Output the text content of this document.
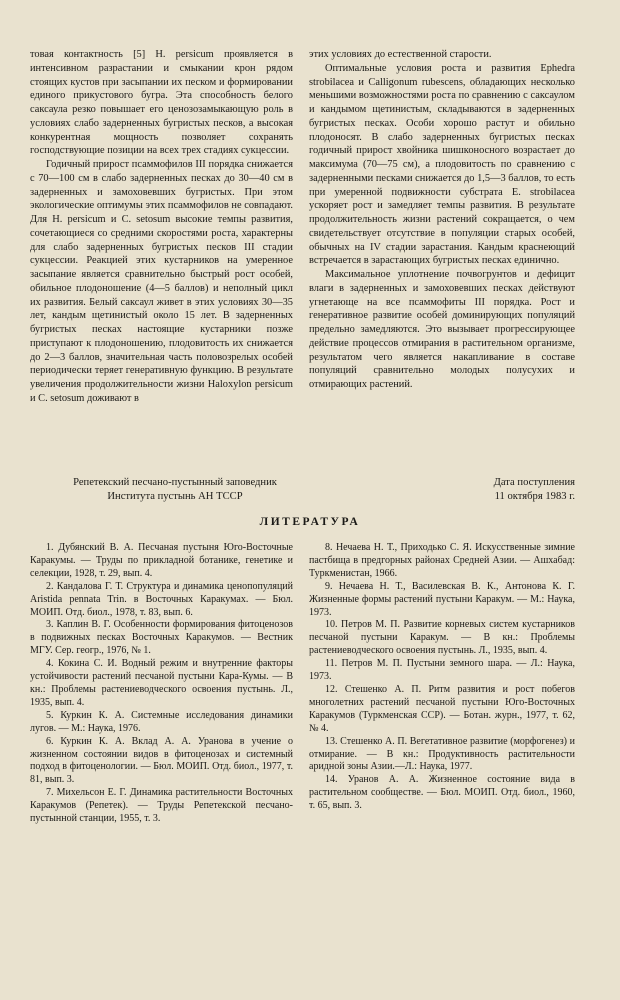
товая контактность [5] H. persicum проявляется в интенсивном разрастании и смыкании крон рядом стоящих кустов при засыпании их песком и формировании единого прикустового бугра. Эта способность белого саксаула резко повышает его ценозозамыкающую роль в условиях слабо задерненных бугристых песков, а высокая конкурентная мощность позволяет сохранять господствующие позиции на всех трех стадиях сукцессии.

Годичный прирост псаммофилов III порядка снижается с 70—100 см в слабо задерненных песках до 30—40 см в задерненных и замоховевших бугристых. При этом экологические оптимумы этих псаммофилов не совпадают. Для H. persicum и C. setosum высокие темпы развития, сочетающиеся со средними скоростями роста, характерны для слабо задерненных бугристых песков III стадии сукцессии. Реакцией этих кустарников на умеренное засыпание является сравнительно быстрый рост особей, обильное плодоношение (4—5 баллов) и неполный цикл их развития. Белый саксаул живет в этих условиях 30—35 лет, кандым щетинистый около 15 лет. В задерненных бугристых песках настоящие кустарники позже приступают к плодоношению, плодовитость их снижается до 2—3 баллов, значительная часть половозрелых особей периодически теряет генеративную функцию. В результате увеличения продолжительности жизни Haloxylon persicum и C. setosum доживают в

этих условиях до естественной старости.

Оптимальные условия роста и развития Ephedra strobilacea и Calligonum rubescens, обладающих несколько меньшими возможностями роста по сравнению с саксаулом и кандымом щетинистым, складываются в задерненных бугристых песках. Особи хорошо растут и обильно плодоносят. В слабо задерненных бугристых песках годичный прирост хвойника шишконосного возрастает до максимума (70—75 см), а плодовитость по сравнению с задерненными песками снижается до 1,5—3 баллов, то есть при умеренной подвижности субстрата E. strobilacea ускоряет рост и замедляет темпы развития. В результате продолжительность жизни растений сокращается, о чем свидетельствует отсутствие в популяции старых особей, обычных на IV стадии зарастания. Кандым краснеющий встречается в зарастающих бугристых песках единично.

Максимальное уплотнение почвогрунтов и дефицит влаги в задерненных и замоховевших песках действуют угнетающе на все псаммофиты III порядка. Рост и генеративное развитие особей доминирующих популяций предельно замедляются. Это вызывает прогрессирующее действие процессов отмирания в растительном организме, результатом чего является накапливание в составе популяций сравнительно молодых полусухих и отмирающих растений.

Репетекский песчано-пустынный заповедник
Института пустынь АН ТССР
Дата поступления
11 октября 1983 г.
ЛИТЕРАТУРА

1. Дубянский В. А. Песчаная пустыня Юго-Восточные Каракумы. — Труды по прикладной ботанике, генетике и селекции, 1928, т. 29, вып. 4.

2. Кандалова Г. Т. Структура и динамика ценопопуляций Aristida pennata Trin. в Восточных Каракумах. — Бюл. МОИП. Отд. биол., 1978, т. 83, вып. 6.

3. Каплин В. Г. Особенности формирования фитоценозов в подвижных песках Восточных Каракумов. — Вестник МГУ. Сер. геогр., 1976, № 1.

4. Кокина С. И. Водный режим и внутренние факторы устойчивости растений песчаной пустыни Кара-Кумы. — В кн.: Проблемы растениеводческого освоения пустынь. Л., 1935, вып. 4.

5. Куркин К. А. Системные исследования динамики лугов. — М.: Наука, 1976.

6. Куркин К. А. Вклад А. А. Уранова в учение о жизненном состоянии видов в фитоценозах и системный подход в фитоценологии. — Бюл. МОИП. Отд. биол., 1977, т. 81, вып. 3.

7. Михельсон Е. Г. Динамика растительности Восточных Каракумов (Репетек). — Труды Репетекской песчано-пустынной станции, 1955, т. 3.

8. Нечаева Н. Т., Приходько С. Я. Искусственные зимние пастбища в предгорных районах Средней Азии. — Ашхабад: Туркменистан, 1966.

9. Нечаева Н. Т., Василевская В. К., Антонова К. Г. Жизненные формы растений пустыни Каракум. — М.: Наука, 1973.

10. Петров М. П. Развитие корневых систем кустарников песчаной пустыни Каракум. — В кн.: Проблемы растениеводческого освоения пустынь. Л., 1935, вып. 4.

11. Петров М. П. Пустыни земного шара. — Л.: Наука, 1973.

12. Стешенко А. П. Ритм развития и рост побегов многолетних растений песчаной пустыни Юго-Восточных Каракумов (Туркменская ССР). — Ботан. журн., 1977, т. 62, № 4.

13. Стешенко А. П. Вегетативное развитие (морфогенез) и отмирание. — В кн.: Продуктивность растительности аридной зоны Азии.—Л.: Наука, 1977.

14. Уранов А. А. Жизненное состояние вида в растительном сообществе. — Бюл. МОИП. Отд. биол., 1960, т. 65, вып. 3.
